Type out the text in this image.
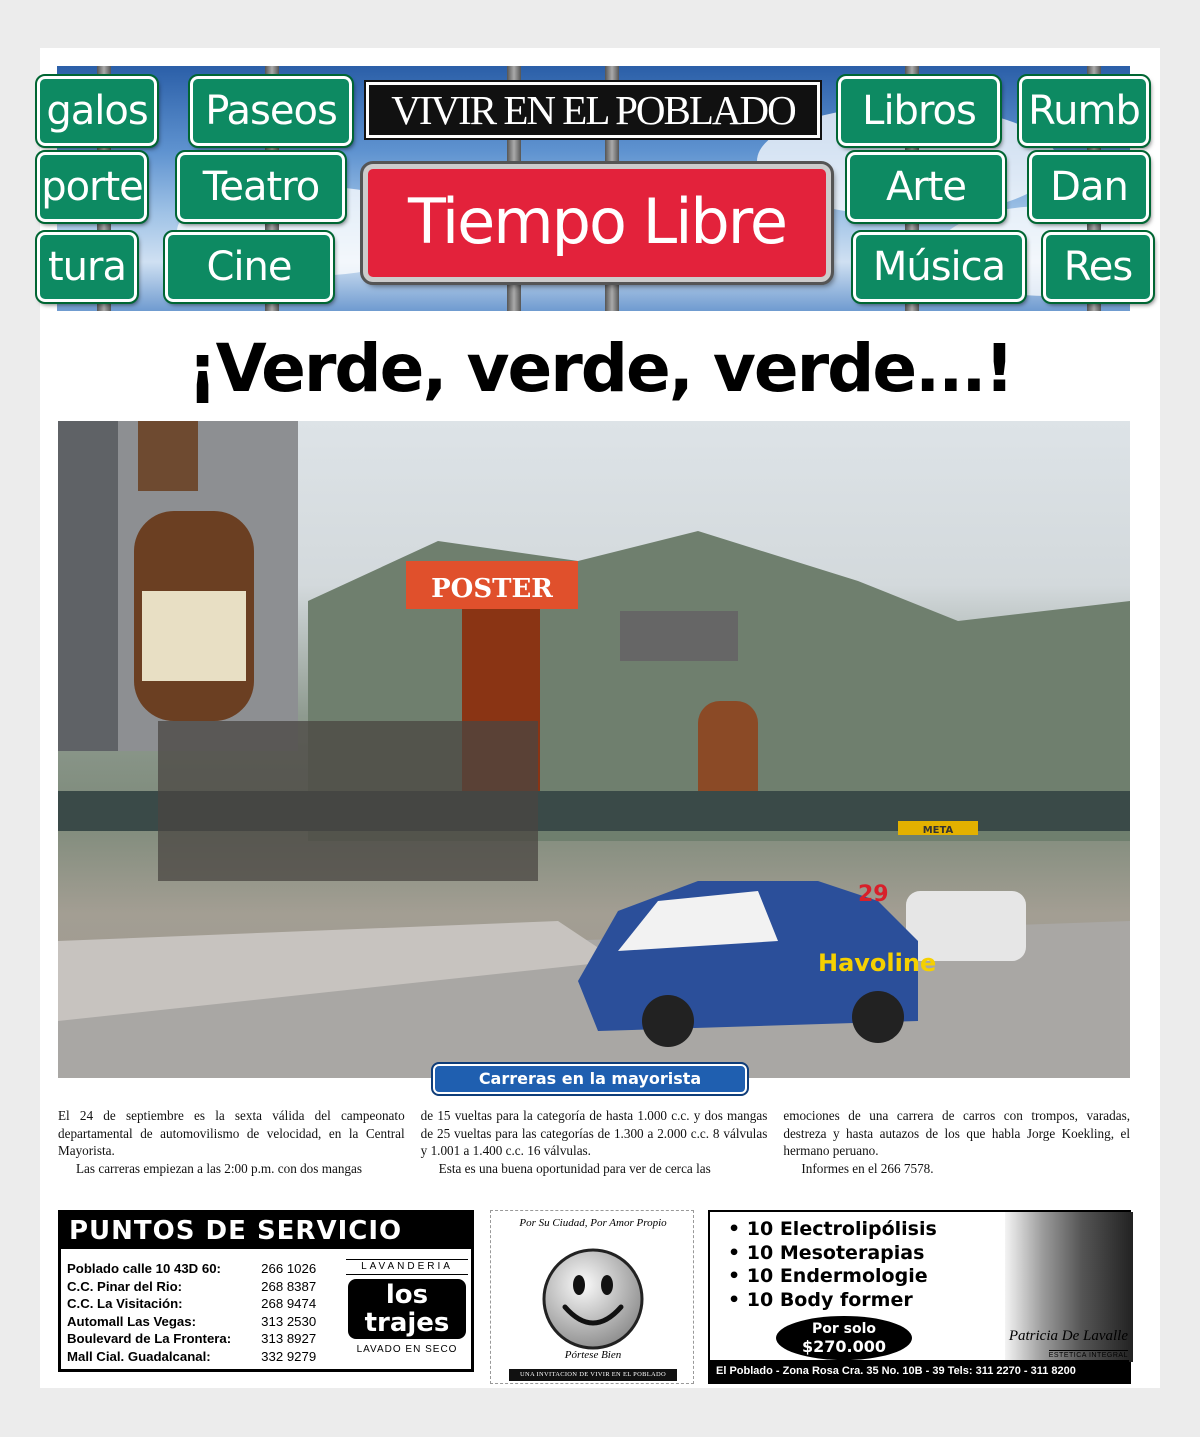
galos
porte
tura
Paseos
Teatro
Cine
Libros
Arte
Música
Rumb
Dan
Res
VIVIR EN EL POBLADO
Tiempo Libre
¡Verde, verde, verde...!
POSTER
29
Havoline
META
Carreras en la mayorista

El 24 de septiembre es la sexta válida del campeonato departamental de automovilismo de velocidad, en la Central Mayorista.

Las carreras empiezan a las 2:00 p.m. con dos mangas

de 15 vueltas para la categoría de hasta 1.000 c.c. y dos mangas de 25 vueltas para las categorías de 1.300 a 2.000 c.c. 8 válvulas y 1.001 a 1.400 c.c. 16 válvulas.

Esta es una buena oportunidad para ver de cerca las

emociones de una carrera de carros con trompos, varadas, destreza y hasta autazos de los que habla Jorge Koekling, el hermano peruano.

Informes en el 266 7578.

PUNTOS DE SERVICIO
Poblado calle 10 43D 60:	266 1026
C.C. Pinar del Rio:	268 8387
C.C. La Visitación:	268 9474
Automall Las Vegas:	313 2530
Boulevard de La Frontera:	313 8927
Mall Cial. Guadalcanal:	332 9279
LAVANDERIA
los
trajes
LAVADO EN SECO
Por Su Ciudad, Por Amor Propio
Pórtese Bien
UNA INVITACION DE VIVIR EN EL POBLADO
• 10 Electrolipólisis
• 10 Mesoterapias
• 10 Endermologie
• 10 Body former
Por solo
$270.000
Patricia De Lavalle
ESTETICA INTEGRAL
El Poblado - Zona Rosa Cra. 35 No. 10B - 39 Tels: 311 2270 - 311 8200
